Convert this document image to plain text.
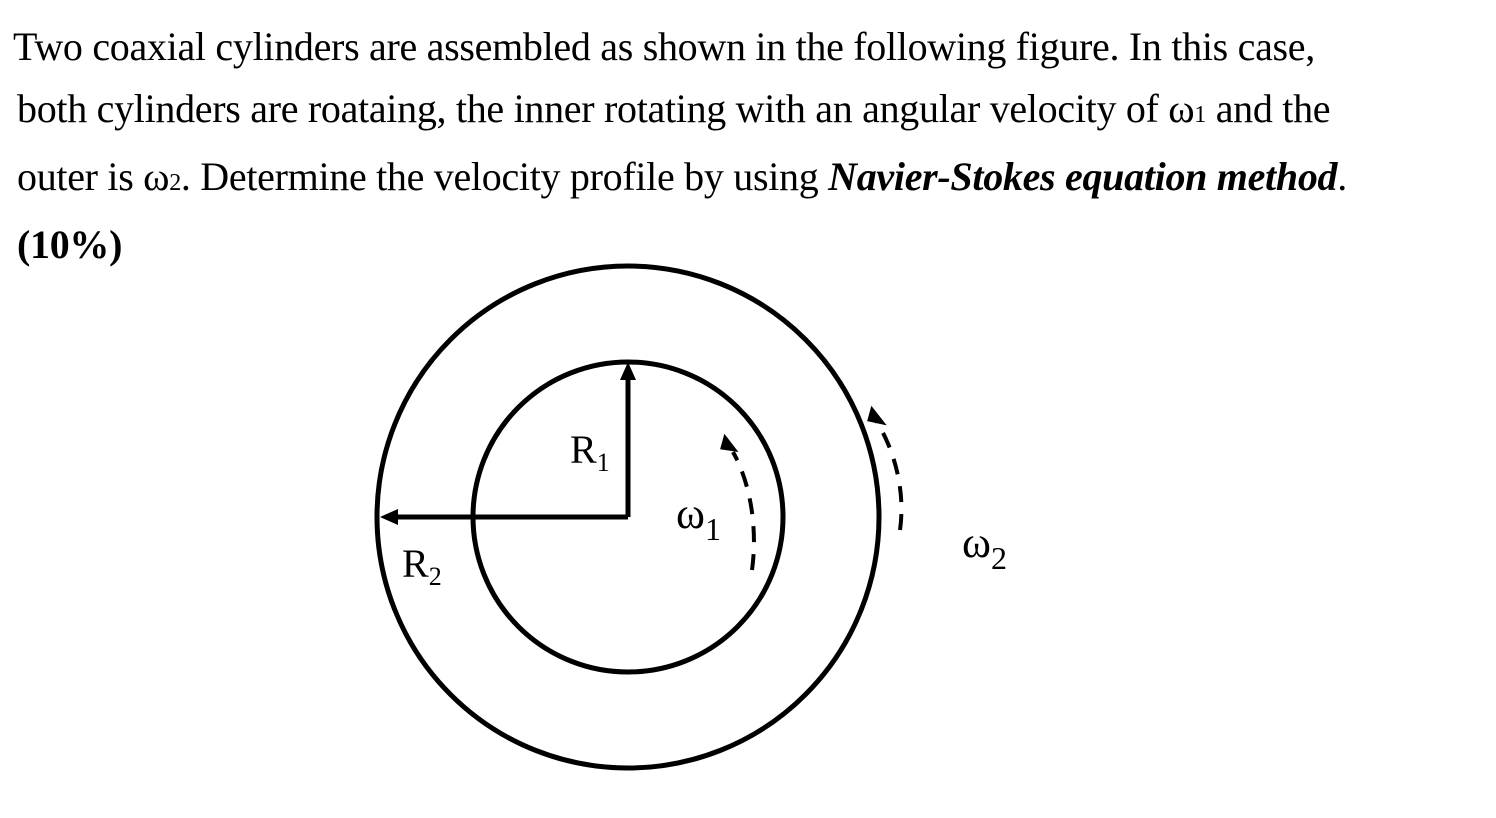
Two coaxial cylinders are assembled as shown in the following figure. In this case,
both cylinders are roataing, the inner rotating with an angular velocity of ω1 and the
outer is ω2. Determine the velocity profile by using Navier-Stokes equation method.
(10%)
$R_1$
$R_2$
$\omega_1$	$\omega_2$
